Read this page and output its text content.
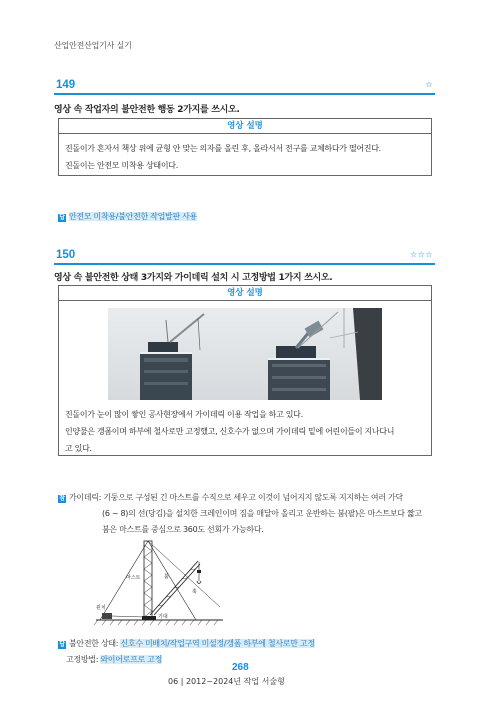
산업안전산업기사 실기
149	☆
영상 속 작업자의 불안전한 행동 2가지를 쓰시오.
영상 설명
진돌이가 혼자서 책상 위에 균형 안 맞는 의자를 올린 후, 올라서서 전구를 교체하다가 떨어진다.
진돌이는 안전모 미착용 상태이다.
답 안전모 미착용/불안전한 작업발판 사용
150	☆☆☆
영상 속 불안전한 상태 3가지와 가이데릭 설치 시 고정방법 1가지 쓰시오.
영상 설명
진돌이가 눈이 많이 쌓인 공사현장에서 가이데릭 이용 작업을 하고 있다.
인양물은 갱폼이며 하부에 철사로만 고정했고, 신호수가 없으며 가이데릭 밑에 어린이들이 지나다니
고 있다.
참 가이데릭: 기둥으로 구성된 긴 마스트를 수직으로 세우고 이것이 넘어지지 않도록 지지하는 여러 가닥
(6 ~ 8)의 선(당김)을 설치한 크레인이며 짐을 매달아 올리고 운반하는 붐(팔)은 마스트보다 짧고
붐은 마스트를 중심으로 360도 선회가 가능하다.
마스트	붐
훅
윈치
기대
답 불안전한 상태: 신호수 미배치/작업구역 미설정/갱폼 하부에 철사로만 고정
고정방법: 와이어로프로 고정
268
06 | 2012~2024년 작업 서술형
